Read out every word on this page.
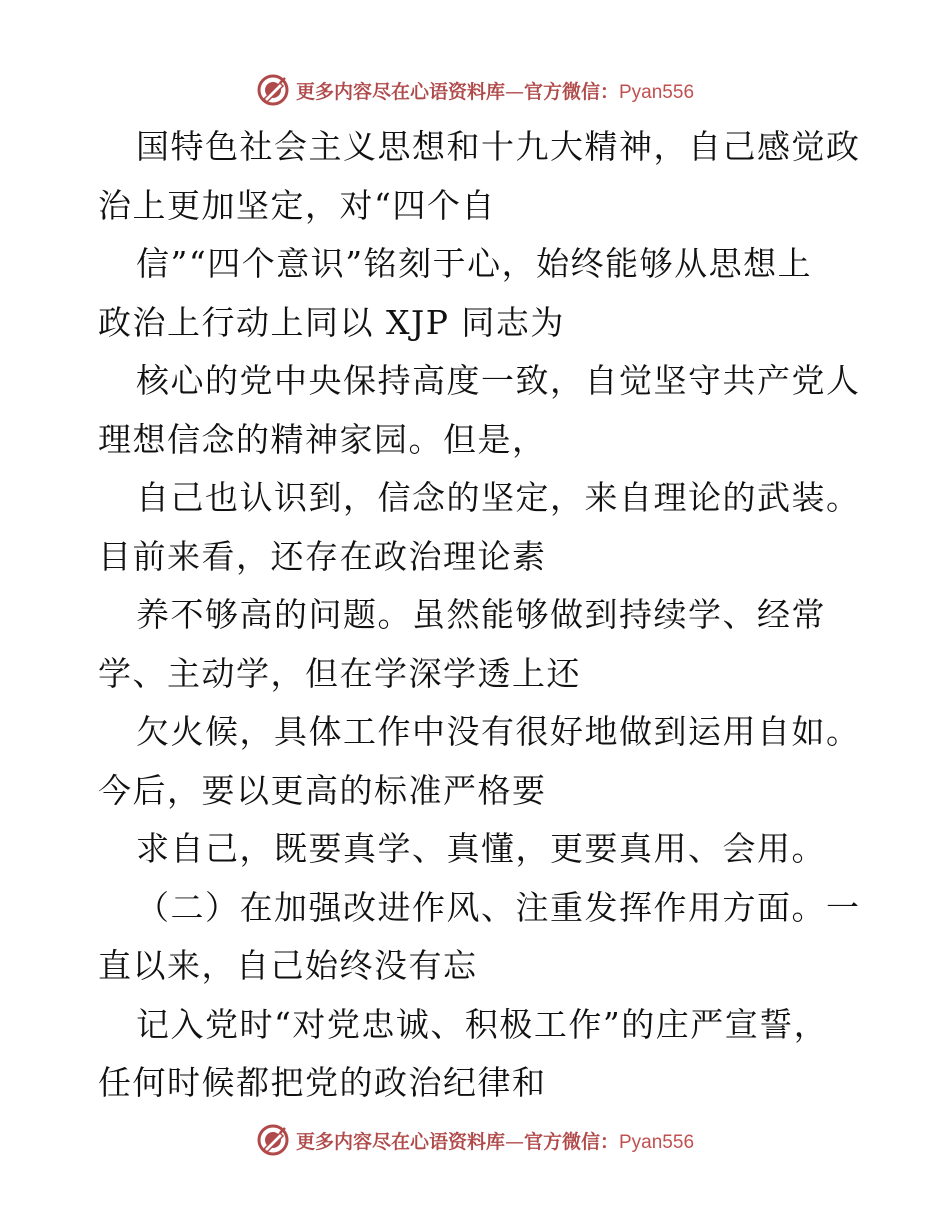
更多内容尽在心语资料库—官方微信：Pyan556
国特色社会主义思想和十九大精神，自己感觉政
治上更加坚定，对“四个自
信”“四个意识”铭刻于心，始终能够从思想上
政治上行动上同以 XJP 同志为
核心的党中央保持高度一致，自觉坚守共产党人
理想信念的精神家园。但是，
自己也认识到，信念的坚定，来自理论的武装。
目前来看，还存在政治理论素
养不够高的问题。虽然能够做到持续学、经常
学、主动学，但在学深学透上还
欠火候，具体工作中没有很好地做到运用自如。
今后，要以更高的标准严格要
求自己，既要真学、真懂，更要真用、会用。
（二）在加强改进作风、注重发挥作用方面。一
直以来，自己始终没有忘
记入党时“对党忠诚、积极工作”的庄严宣誓，
任何时候都把党的政治纪律和
更多内容尽在心语资料库—官方微信：Pyan556
